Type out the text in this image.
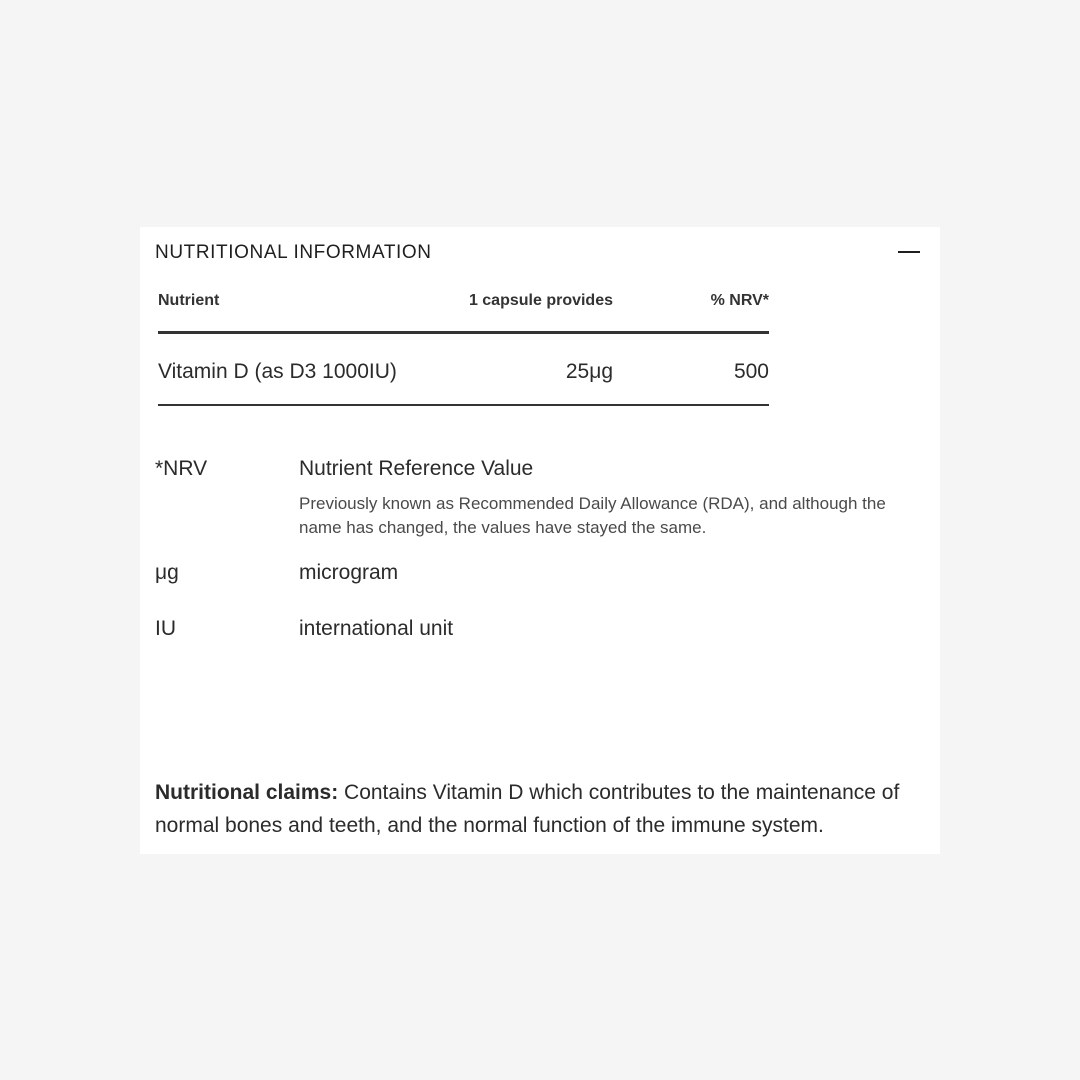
NUTRITIONAL INFORMATION
Nutrient	1 capsule provides	% NRV*
Vitamin D (as D3 1000IU)	25μg	500
*NRV	Nutrient Reference Value
Previously known as Recommended Daily Allowance (RDA), and although the name has changed, the values have stayed the same.
μg	microgram
IU	international unit

Nutritional claims: Contains Vitamin D which contributes to the maintenance of normal bones and teeth, and the normal function of the immune system.
